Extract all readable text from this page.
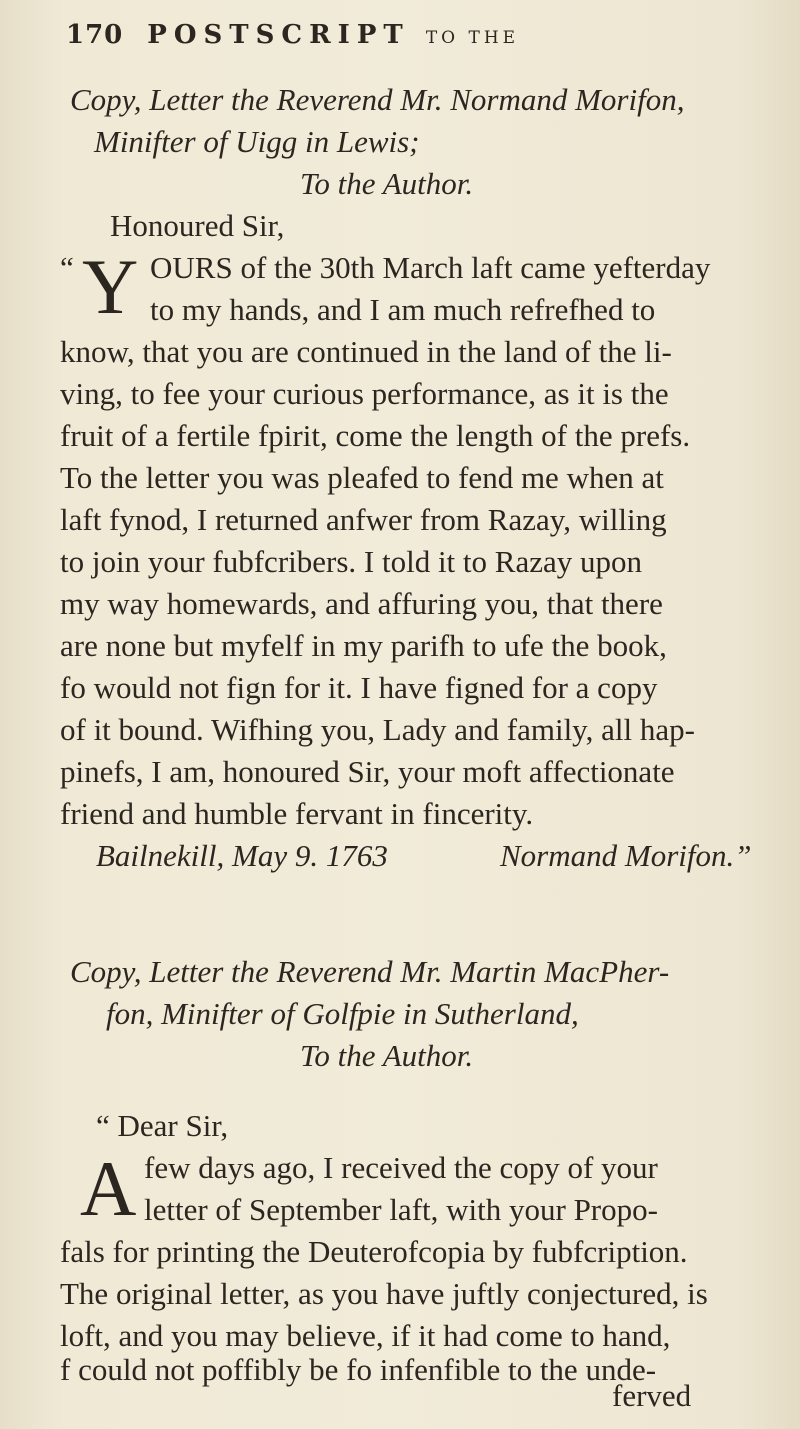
170 POSTSCRIPT TO THE
Copy, Letter the Reverend Mr. Normand Morifon,
Minifter of Uigg in Lewis;
To the Author.
Honoured Sir,
“ Y OURS of the 30th March laft came yefterday
to my hands, and I am much refrefhed to
know, that you are continued in the land of the li-
ving, to fee your curious performance, as it is the
fruit of a fertile fpirit, come the length of the prefs.
To the letter you was pleafed to fend me when at
laft fynod, I returned anfwer from Razay, willing
to join your fubfcribers. I told it to Razay upon
my way homewards, and affuring you, that there
are none but myfelf in my parifh to ufe the book,
fo would not fign for it. I have figned for a copy
of it bound. Wifhing you, Lady and family, all hap-
pinefs, I am, honoured Sir, your moft affectionate
friend and humble fervant in fincerity.
Bailnekill, May 9. 1763	Normand Morifon.”
Copy, Letter the Reverend Mr. Martin MacPher-
fon, Minifter of Golfpie in Sutherland,
To the Author.
“ Dear Sir,
A few days ago, I received the copy of your
letter of September laft, with your Propo-
fals for printing the Deuterofcopia by fubfcription.
The original letter, as you have juftly conjectured, is
loft, and you may believe, if it had come to hand,
f could not poffibly be fo infenfible to the unde-
ferved
